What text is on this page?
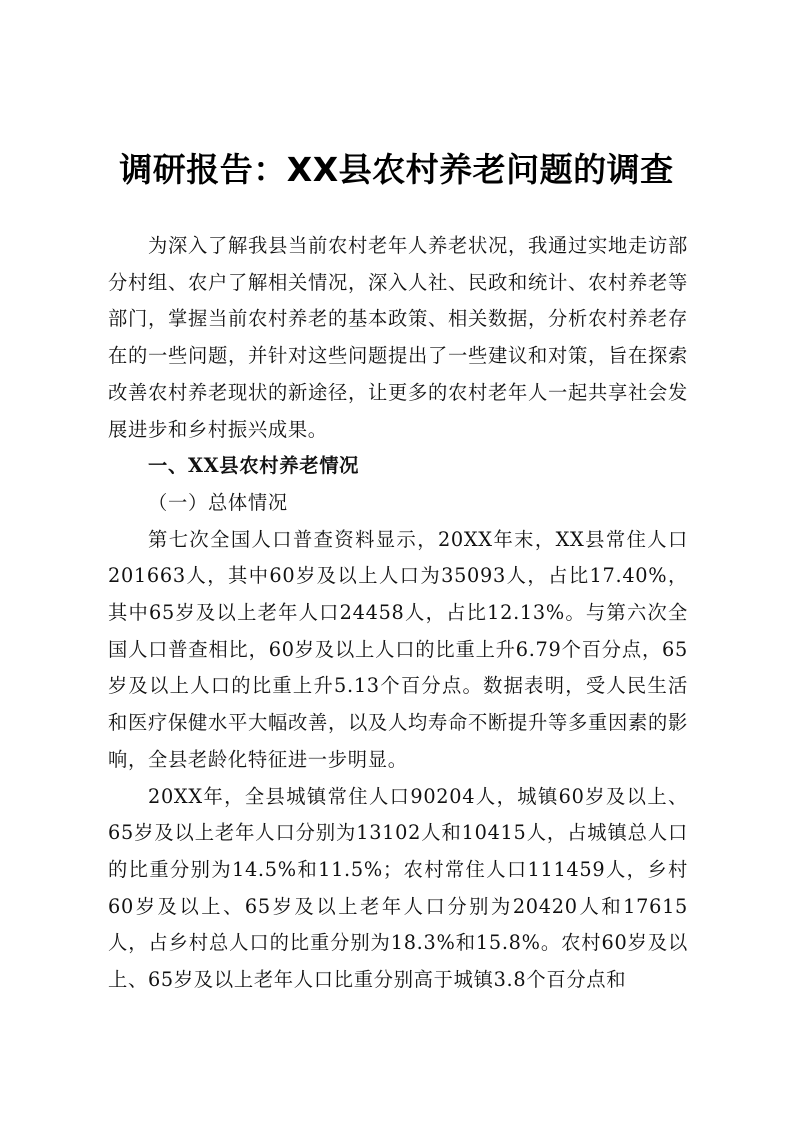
调研报告：XX县农村养老问题的调查

为深入了解我县当前农村老年人养老状况，我通过实地走访部分村组、农户了解相关情况，深入人社、民政和统计、农村养老等部门，掌握当前农村养老的基本政策、相关数据，分析农村养老存在的一些问题，并针对这些问题提出了一些建议和对策，旨在探索改善农村养老现状的新途径，让更多的农村老年人一起共享社会发展进步和乡村振兴成果。

一、XX县农村养老情况

（一）总体情况

第七次全国人口普查资料显示，20XX年末，XX县常住人口201663人，其中60岁及以上人口为35093人，占比17.40%，其中65岁及以上老年人口24458人，占比12.13%。与第六次全国人口普查相比，60岁及以上人口的比重上升6.79个百分点，65岁及以上人口的比重上升5.13个百分点。数据表明，受人民生活和医疗保健水平大幅改善，以及人均寿命不断提升等多重因素的影响，全县老龄化特征进一步明显。

20XX年，全县城镇常住人口90204人，城镇60岁及以上、65岁及以上老年人口分别为13102人和10415人，占城镇总人口的比重分别为14.5%和11.5%；农村常住人口111459人，乡村60岁及以上、65岁及以上老年人口分别为20420人和17615人，占乡村总人口的比重分别为18.3%和15.8%。农村60岁及以上、65岁及以上老年人口比重分别高于城镇3.8个百分点和
